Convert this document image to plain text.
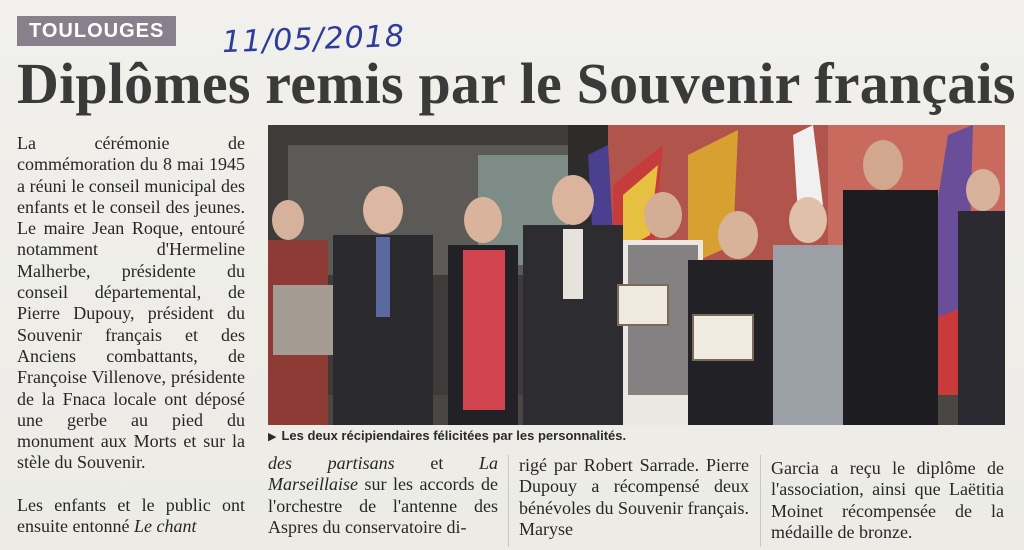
TOULOUGES	11/05/2018
Diplômes remis par le Souvenir français

La cérémonie de commémoration du 8 mai 1945 a réuni le conseil municipal des enfants et le conseil des jeunes. Le maire Jean Roque, entouré notamment d'Hermeline Malherbe, présidente du conseil départemental, de Pierre Dupouy, président du Souvenir français et des Anciens combattants, de Françoise Villenove, présidente de la Fnaca locale ont déposé une gerbe au pied du monument aux Morts et sur la stèle du Souvenir.

Les enfants et le public ont ensuite entonné Le chant

▶ Les deux récipiendaires félicitées par les personnalités.

des partisans et La Marseillaise sur les accords de l'orchestre de l'antenne des Aspres du conservatoire di-

rigé par Robert Sarrade. Pierre Dupouy a récompensé deux bénévoles du Souvenir français. Maryse

Garcia a reçu le diplôme de l'association, ainsi que Laëtitia Moinet récompensée de la médaille de bronze.
